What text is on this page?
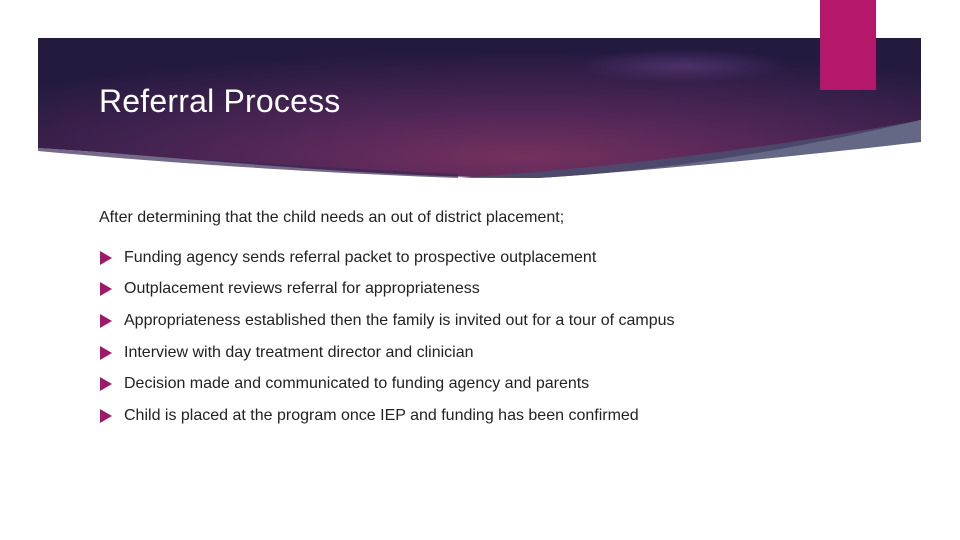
Referral Process

After determining that the child needs an out of district placement;

Funding agency sends referral packet to prospective outplacement
Outplacement reviews referral for appropriateness
Appropriateness established then the family is invited out for a tour of campus
Interview with day treatment director and clinician
Decision made and communicated to funding agency and parents
Child is placed at the program once IEP and funding has been confirmed
